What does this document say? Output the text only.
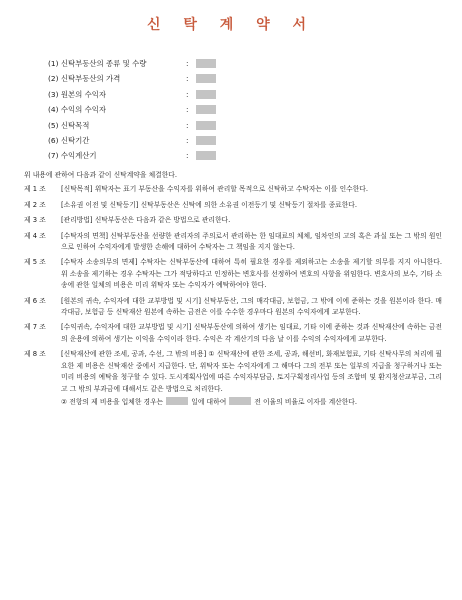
신 탁 계 약 서
(1) 신탁부동산의 종류 및 수량	:
(2) 신탁부동산의 가격	:
(3) 원본의 수익자	:
(4) 수익의 수익자	:
(5) 신탁목적	:
(6) 신탁기간	:
(7) 수익계산기	:

위 내용에 관하여 다음과 같이 신탁계약을 체결한다.

제 1 조 [신탁목적] 위탁자는 표기 부동산을 수익자를 위하여 관리할 목적으로 신탁하고 수탁자는 이를 인수한다.

제 2 조 [소유권 이전 및 신탁등기] 신탁부동산은 신탁에 의한 소유권 이전등기 및 신탁등기 절차를 종료한다.

제 3 조 [관리방법] 신탁부동산은 다음과 같은 방법으로 관리한다.

제 4 조 [수탁자의 면책] 신탁부동산을 선량한 관리자의 주의로서 관리하는 한 임대료의 체체, 임차인의 고의 혹은 과실 또는 그 밖의 원인으로 인하여 수익자에게 발생한 손해에 대하여 수탁자는 그 책임을 지지 않는다.

제 5 조 [수탁자 소송의무의 면제] 수탁자는 신탁부동산에 대하여 특히 필요한 경우를 제외하고는 소송을 제기할 의무를 지지 아니한다. 위 소송을 제기하는 경우 수탁자는 그가 적당하다고 인정하는 변호사를 선정하여 변호의 사항을 위임한다. 변호사의 보수, 기타 소송에 관한 일체의 비용은 미리 위탁자 또는 수익자가 예탁하여야 한다.

제 6 조 [원본의 귀속, 수익자에 대한 교부방법 및 시기] 신탁부동산, 그의 매각대금, 보험금, 그 밖에 이에 준하는 것을 원본이라 한다. 매각대금, 보험금 등 신탁재산 원본에 속하는 금전은 이를 수수한 경우마다 원본의 수익자에게 교부한다.

제 7 조 [수익귀속, 수익자에 대한 교부방법 및 시기] 신탁부동산에 의하여 생기는 임대료, 기타 이에 준하는 것과 신탁재산에 속하는 금전의 운용에 의하여 생기는 이익을 수익이라 한다. 수익은 각 계산기의 다음 날 이를 수익의 수익자에게 교부한다.

제 8 조 [신탁재산에 관한 조세, 공과, 수선, 그 밖의 비용] ① 신탁재산에 관한 조세, 공과, 해선비, 화재보험료, 기타 신탁사무의 처리에 필요한 제 비용은 신탁재산 중에서 지급한다. 단, 위탁자 또는 수익자에게 그 해마다 그의 전부 또는 일부의 지급을 청구하거나 또는 미리 비용의 예탁을 청구할 수 있다. 도시계획사업에 따른 수익자부담금, 토지구획정리사업 등의 조합비 및 환지청산교부금, 그리고 그 밖의 부과금에 대해서도 같은 방법으로 처리한다.

② 전항의 제 비용을 입체한 경우는	일에 대하여	전 이율의 비율로 이자를 계산한다.
